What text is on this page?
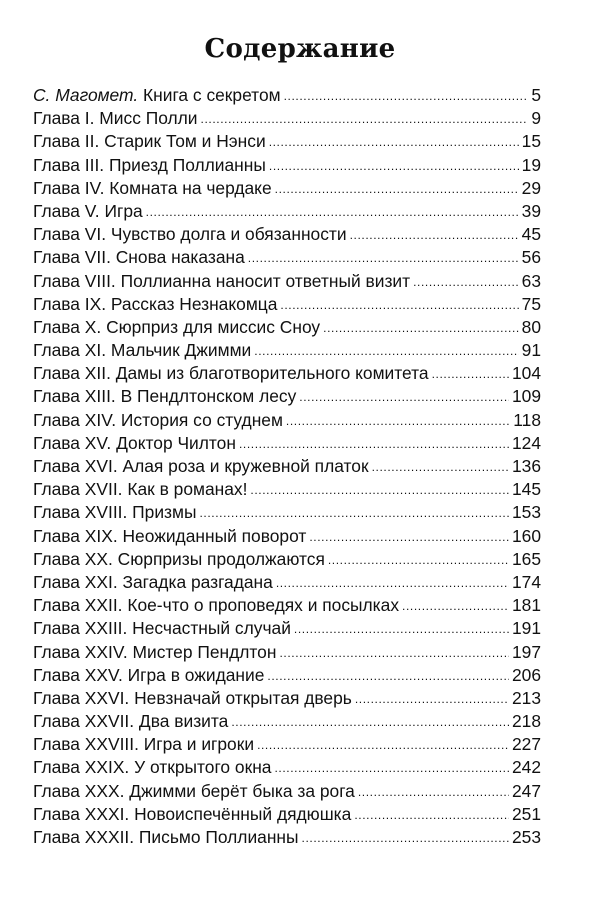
Содержание
С. Магомет. Книга с секретом .....	5
Глава I. Мисс Полли .....	9
Глава II. Старик Том и Нэнси .....	15
Глава III. Приезд Поллианны .....	19
Глава IV. Комната на чердаке .....	29
Глава V. Игра .....	39
Глава VI. Чувство долга и обязанности .....	45
Глава VII. Снова наказана .....	56
Глава VIII. Поллианна наносит ответный визит .....	63
Глава IX. Рассказ Незнакомца .....	75
Глава X. Сюрприз для миссис Сноу .....	80
Глава XI. Мальчик Джимми .....	91
Глава XII. Дамы из благотворительного комитета .....	104
Глава XIII. В Пендлтонском лесу .....	109
Глава XIV. История со студнем .....	118
Глава XV. Доктор Чилтон .....	124
Глава XVI. Алая роза и кружевной платок .....	136
Глава XVII. Как в романах! .....	145
Глава XVIII. Призмы .....	153
Глава XIX. Неожиданный поворот .....	160
Глава XX. Сюрпризы продолжаются .....	165
Глава XXI. Загадка разгадана .....	174
Глава XXII. Кое-что о проповедях и посылках .....	181
Глава XXIII. Несчастный случай .....	191
Глава XXIV. Мистер Пендлтон .....	197
Глава XXV. Игра в ожидание .....	206
Глава XXVI. Невзначай открытая дверь .....	213
Глава XXVII. Два визита .....	218
Глава XXVIII. Игра и игроки .....	227
Глава XXIX. У открытого окна .....	242
Глава XXX. Джимми берёт быка за рога .....	247
Глава XXXI. Новоиспечённый дядюшка .....	251
Глава XXXII. Письмо Поллианны .....	253
